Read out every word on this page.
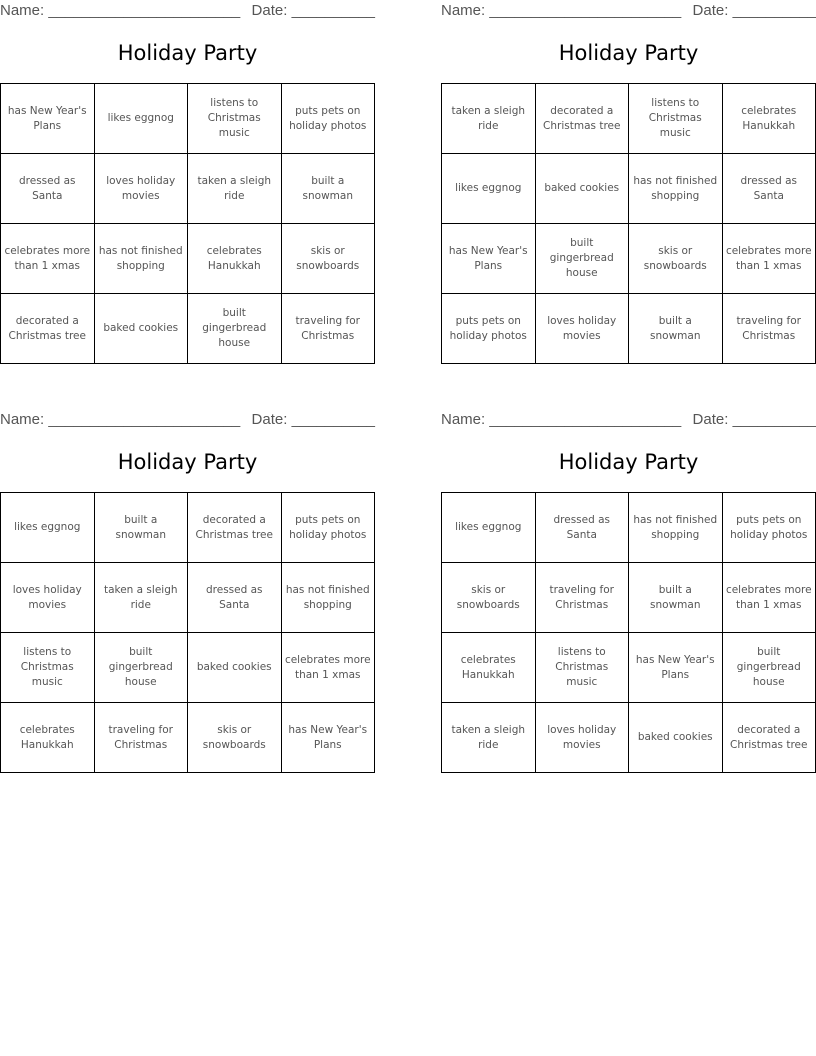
Name: _______________________ Date: __________
Holiday Party
has New Year's Plans	likes eggnog	listens to Christmas music	puts pets on holiday photos
dressed as Santa	loves holiday movies	taken a sleigh ride	built a snowman
celebrates more than 1 xmas	has not finished shopping	celebrates Hanukkah	skis or snowboards
decorated a Christmas tree	baked cookies	built gingerbread house	traveling for Christmas
Name: _______________________ Date: __________
Holiday Party
taken a sleigh ride	decorated a Christmas tree	listens to Christmas music	celebrates Hanukkah
likes eggnog	baked cookies	has not finished shopping	dressed as Santa
has New Year's Plans	built gingerbread house	skis or snowboards	celebrates more than 1 xmas
puts pets on holiday photos	loves holiday movies	built a snowman	traveling for Christmas
Name: _______________________ Date: __________
Holiday Party
likes eggnog	built a snowman	decorated a Christmas tree	puts pets on holiday photos
loves holiday movies	taken a sleigh ride	dressed as Santa	has not finished shopping
listens to Christmas music	built gingerbread house	baked cookies	celebrates more than 1 xmas
celebrates Hanukkah	traveling for Christmas	skis or snowboards	has New Year's Plans
Name: _______________________ Date: __________
Holiday Party
likes eggnog	dressed as Santa	has not finished shopping	puts pets on holiday photos
skis or snowboards	traveling for Christmas	built a snowman	celebrates more than 1 xmas
celebrates Hanukkah	listens to Christmas music	has New Year's Plans	built gingerbread house
taken a sleigh ride	loves holiday movies	baked cookies	decorated a Christmas tree
